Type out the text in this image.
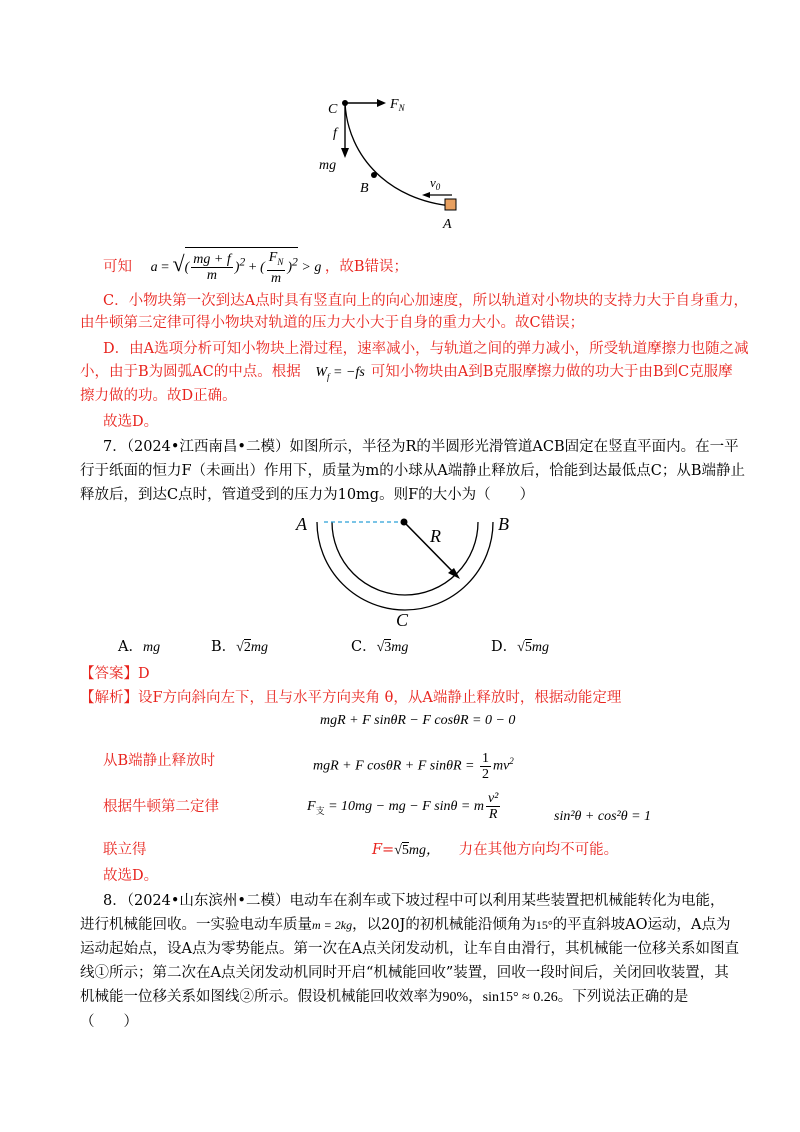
C	$F_N$
f
mg
B	$v_0$
A
可知 a = √( $\frac{mg + f}{m} )^2$ + ( $\frac{F_N}{m} )^2 > g$ ，故B错误；
C．小物块第一次到达A点时具有竖直向上的向心加速度，所以轨道对小物块的支持力大于自身重力，
由牛顿第三定律可得小物块对轨道的压力大小大于自身的重力大小。故C错误；
D．由A选项分析可知小物块上滑过程，速率减小，与轨道之间的弹力减小，所受轨道摩擦力也随之减
小，由于B为圆弧AC的中点。根据 $W_f = -fs$ 可知小物块由A到B克服摩擦力做的功大于由B到C克服摩
擦力做的功。故D正确。
故选D。
7．（2024•江西南昌•二模）如图所示，半径为R的半圆形光滑管道ACB固定在竖直平面内。在一平
行于纸面的恒力F（未画出）作用下，质量为m的小球从A端静止释放后，恰能到达最低点C；从B端静止
释放后，到达C点时，管道受到的压力为10mg。则F的大小为（　　）
A	B
R
C
A．mg	B．√2mg	C．√3mg	D．√5mg
【答案】D
【解析】设F方向斜向左下，且与水平方向夹角 θ，从A端静止释放时，根据动能定理
mgR + F sinθR − F cosθR = 0 − 0
从B端静止释放时	mgR + F cosθR + F $\sin\theta R = \frac{1}{2} mv^2$
根据牛顿第二定律	$F_支 = 10mg$ − mg − F sinθ = m $\frac{\text{v²}}{R}$	sin²θ + cos²θ = 1
联立得	F=√5mg， 力在其他方向均不可能。
故选D。
8．（2024•山东滨州•二模）电动车在刹车或下坡过程中可以利用某些装置把机械能转化为电能，
进行机械能回收。一实验电动车质量m = 2kg，以20J的初机械能沿倾角为15°的平直斜坡AO运动，A点为
运动起始点，设A点为零势能点。第一次在A点关闭发动机，让车自由滑行，其机械能一位移关系如图直
线①所示；第二次在A点关闭发动机同时开启“机械能回收”装置，回收一段时间后，关闭回收装置，其
机械能一位移关系如图线②所示。假设机械能回收效率为90%，sin15° ≈ 0.26。下列说法正确的是
（　　）
